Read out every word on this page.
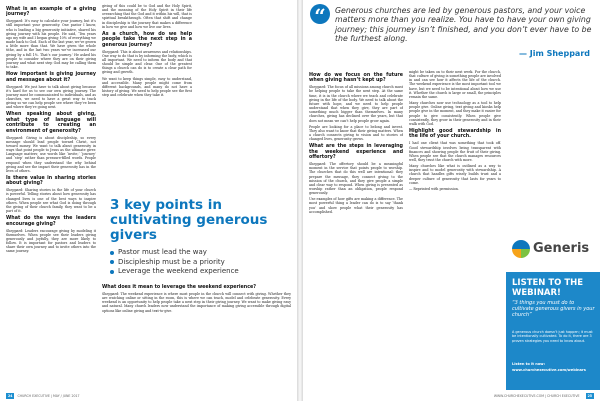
What is an example of a giving journey?

Sheppard: It’s easy to calculate your journey, but it’s still important your generosity. One pastor I know, who is leading a big generosity initiative, shared his giving journey with his people. He said, ‘Ten years ago my wife and I began giving 10% of everything we made back to God. Each of the last year, we’ve grown a little more than that. We have given the whole tithe, and in the last two years we’ve increased our giving by a full 1%. That’s our journey.’ He asked his people to consider where they are on their giving journey and what next step God may be calling them to take.

How important is giving journey and messages about it?

Sheppard: We just have to talk about giving because it’s hard for us to see our own giving journey. The journey must be communicated to individuals, and as churches, we need to have a great way to track giving so we can help people see where they’ve been and where they’re going next.

When speaking about giving, what type of language will contribute to creating an environment of generosity?

Sheppard: Giving is about discipleship, so every message should lead people toward Christ, not toward money. We want to talk about generosity in ways that point people to Jesus as the ultimate giver. Language matters; use words like ‘invite,’ ‘journey’ and ‘step’ rather than pressure-filled words. People respond when they understand the why behind giving and see the impact their generosity has in the lives of others.

Is there value in sharing stories about giving?

Sheppard: Sharing stories in the life of your church is powerful. Telling stories about how generosity has changed lives is one of the best ways to inspire others. When people see what God is doing through the giving of their church family, they want to be a part of it.

What do the ways the leaders encourage giving?

Sheppard: Leaders encourage giving by modeling it themselves. When people see their leaders giving generously and joyfully, they are more likely to follow. It is important for pastors and leaders to share their own journey and to invite others into the same journey.

giving of this could be to God and the Holy Spirit, and the meaning of the Holy Spirit in their life overarching that the God and it within his will, that is spiritual breakthrough. Often that shift and change in discipleship is the journey that makes a difference in how we give and how we live our lives.

As a church, how do we help people take the next step in a generous journey?

Sheppard: This is about awareness and relationships. One way to do that is by informing the body, which is all important. We need to inform the body and that should be simple and clear. One of the greatest things a church can do is to create a clear path for giving and growth.

We want to keep things simple, easy to understand, and accessible. Many people might come from different backgrounds, and many do not have a history of giving. We need to help people see the first step and celebrate when they take it.

3 key points in cultivating generous givers
Pastor must lead the way
Discipleship must be a priority
Leverage the weekend experience
What does it mean to leverage the weekend experience?

Sheppard: The weekend experience is where most people in the church will connect with giving. Whether they are watching online or sitting in the room, this is where we can teach, model and celebrate generosity. Every weekend is an opportunity to help people take a next step in their giving journey. We want to make giving easy and natural. Many church leaders now understand the importance of making giving accessible through digital options like online giving and text-to-give.

24	CHURCH EXECUTIVE | MAY / JUNE 2017
“	Generous churches are led by generous pastors, and your voice matters more than you realize. You have to have your own giving journey; this journey isn’t finished, and you don’t ever have to be the furthest along.
— Jim Sheppard
How do we focus on the future when giving hasn’t kept up?

Sheppard: The focus of all missions among church must be helping people to take the next step. At the same time, it is in the church where we teach and celebrate giving in the life of the body. We need to talk about the future with hope, and we need to help people understand that when they give, they are part of something much bigger than themselves. In many churches, giving has declined over the years, but that does not mean we can’t help people grow again.

People are looking for a place to belong and invest. They also want to know that their giving matters. When a church connects giving to vision and to stories of changed lives, generosity grows.

What are the steps in leveraging the weekend experience and offertory?

Sheppard: The offertory should be a meaningful moment in the service that points people to worship. The churches that do this well are intentional: they prepare the message, they connect giving to the mission of the church, and they give people a simple and clear way to respond. When giving is presented as worship rather than an obligation, people respond generously.

Use examples of how gifts are making a difference. The most powerful thing a leader can do is to say ‘thank you’ and show people what their generosity has accomplished.

might be taken on to their next week. For the church, that culture of giving is something people are involved in and can see how it affects the life of the church. The weekend experience is the most important tool we have, but we need to be intentional about how we use it. Whether the church is large or small, the principles remain the same.

Many churches now use technology as a tool to help people give. Online giving, text giving and kiosks help people give in the moment, and they make it easier for people to give consistently. When people give consistently, they grow in their generosity and in their walk with God.

Highlight good stewardship in the life of your church.

I had one client that was something that took off. Good stewardship involves being transparent with finances and showing people the fruit of their giving. When people see that the church manages resources well, they trust the church with more.

Many churches like what is outlined as a way to inspire and to model generosity with stewardship. A church that handles gifts wisely builds trust and a deeper culture of generosity that lasts for years to come.

— Reprinted with permission.

Generis
LISTEN TO THE WEBINAR!
“3 things you must do to cultivate generous givers in your church”
A generous church doesn’t just happen; it must be intentionally cultivated. To do it, there are 3 proven strategies you need to know about.
Listen to it now:
www.churchexecutive.com/webinars
WWW.CHURCHEXECUTIVE.COM | CHURCH EXECUTIVE	25
